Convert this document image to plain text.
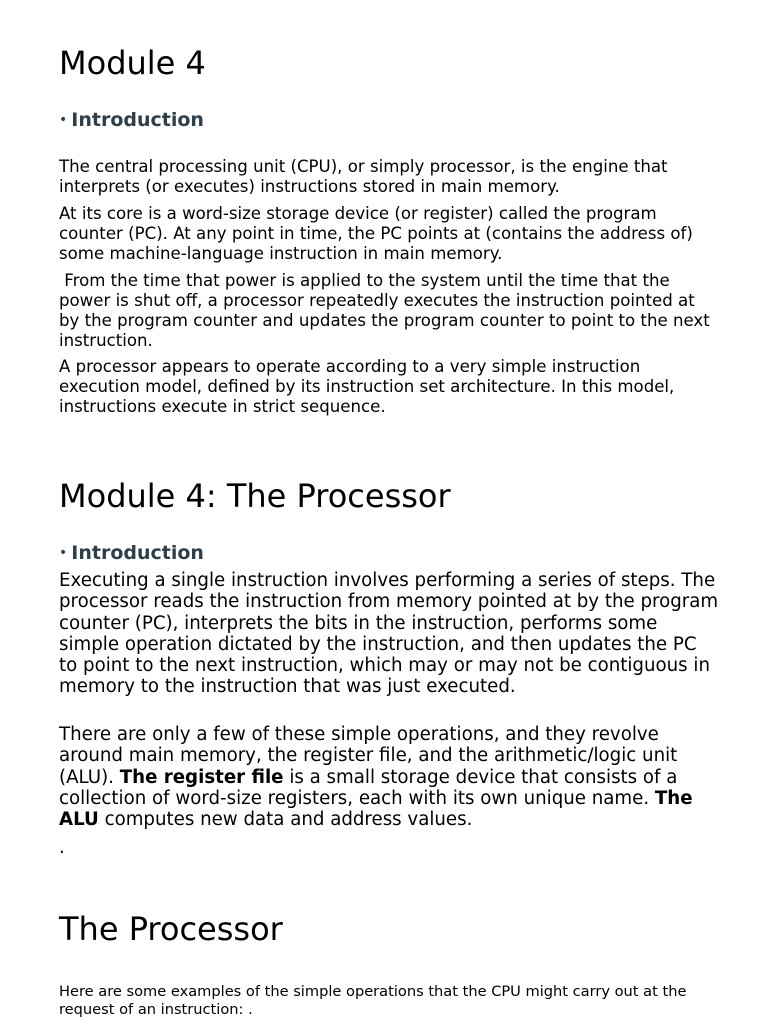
Module 4
• Introduction

The central processing unit (CPU), or simply processor, is the engine that interprets (or executes) instructions stored in main memory.

At its core is a word-size storage device (or register) called the program counter (PC). At any point in time, the PC points at (contains the address of) some machine-language instruction in main memory.

From the time that power is applied to the system until the time that the power is shut off, a processor repeatedly executes the instruction pointed at by the program counter and updates the program counter to point to the next instruction.

A processor appears to operate according to a very simple instruction execution model, defined by its instruction set architecture. In this model, instructions execute in strict sequence.

Module 4: The Processor
• Introduction

Executing a single instruction involves performing a series of steps. The processor reads the instruction from memory pointed at by the program counter (PC), interprets the bits in the instruction, performs some simple operation dictated by the instruction, and then updates the PC to point to the next instruction, which may or may not be contiguous in memory to the instruction that was just executed.

There are only a few of these simple operations, and they revolve around main memory, the register file, and the arithmetic/logic unit (ALU). The register file is a small storage device that consists of a collection of word-size registers, each with its own unique name. The ALU computes new data and address values.

.

The Processor

Here are some examples of the simple operations that the CPU might carry out at the request of an instruction: .
